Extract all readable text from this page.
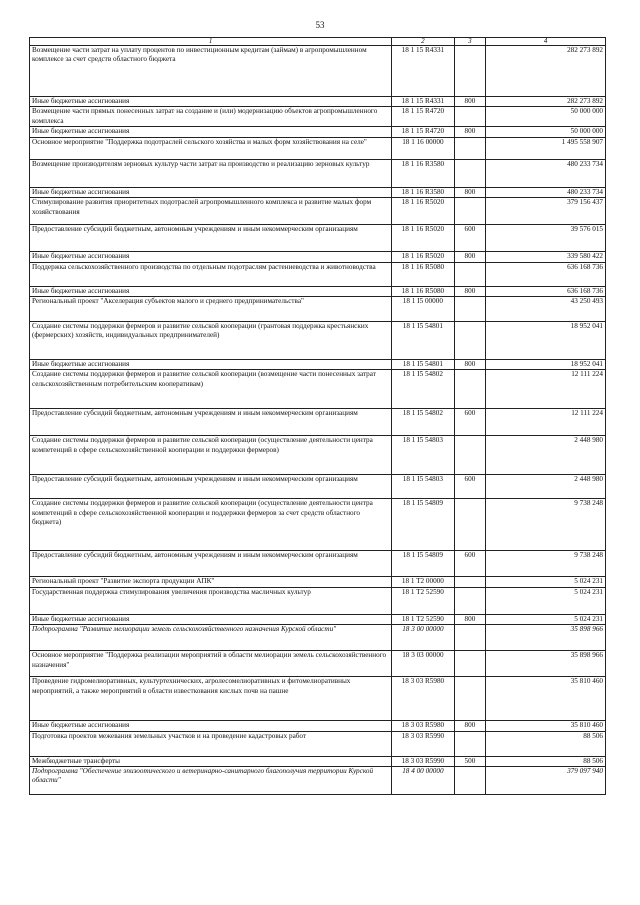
53
1	2	3	4
Возмещение части затрат на уплату процентов по инвестиционным кредитам (займам) в агропромышленном комплексе за счет средств областного бюджета	18 1 15 R4331		282 273 892
Иные бюджетные ассигнования	18 1 15 R4331	800	282 273 892
Возмещение части прямых понесенных затрат на создание и (или) модернизацию объектов агропромышленного комплекса	18 1 15 R4720		50 000 000
Иные бюджетные ассигнования	18 1 15 R4720	800	50 000 000
Основное мероприятие "Поддержка подотраслей сельского хозяйства и малых форм хозяйствования на селе"	18 1 16 00000		1 495 558 907
Возмещение производителям зерновых культур части затрат на производство и реализацию зерновых культур	18 1 16 R3580		480 233 734
Иные бюджетные ассигнования	18 1 16 R3580	800	480 233 734
Стимулирование развития приоритетных подотраслей агропромышленного комплекса и развитие малых форм хозяйствования	18 1 16 R5020		379 156 437
Предоставление субсидий бюджетным, автономным учреждениям и иным некоммерческим организациям	18 1 16 R5020	600	39 576 015
Иные бюджетные ассигнования	18 1 16 R5020	800	339 580 422
Поддержка сельскохозяйственного производства по отдельным подотраслям растениеводства и животноводства	18 1 16 R5080		636 168 736
Иные бюджетные ассигнования	18 1 16 R5080	800	636 168 736
Региональный проект "Акселерация субъектов малого и среднего предпринимательства"	18 1 I5 00000		43 250 493
Создание системы поддержки фермеров и развитие сельской кооперации (грантовая поддержка крестьянских (фермерских) хозяйств, индивидуальных предпринимателей)	18 1 I5 54801		18 952 041
Иные бюджетные ассигнования	18 1 I5 54801	800	18 952 041
Создание системы поддержки фермеров и развитие сельской кооперации (возмещение части понесенных затрат сельскохозяйственным потребительским кооперативам)	18 1 I5 54802		12 111 224
Предоставление субсидий бюджетным, автономным учреждениям и иным некоммерческим организациям	18 1 I5 54802	600	12 111 224
Создание системы поддержки фермеров и развитие сельской кооперации (осуществление деятельности центра компетенций в сфере сельскохозяйственной кооперации и поддержки фермеров)	18 1 I5 54803		2 448 980
Предоставление субсидий бюджетным, автономным учреждениям и иным некоммерческим организациям	18 1 I5 54803	600	2 448 980
Создание системы поддержки фермеров и развитие сельской кооперации (осуществление деятельности центра компетенций в сфере сельскохозяйственной кооперации и поддержки фермеров за счет средств областного бюджета)	18 1 I5 54809		9 738 248
Предоставление субсидий бюджетным, автономным учреждениям и иным некоммерческим организациям	18 1 I5 54809	600	9 738 248
Региональный проект "Развитие экспорта продукции АПК"	18 1 T2 00000		5 024 231
Государственная поддержка стимулирования увеличения производства масличных культур	18 1 T2 52590		5 024 231
Иные бюджетные ассигнования	18 1 T2 52590	800	5 024 231
Подпрограмма "Развитие мелиорации земель сельскохозяйственного назначения Курской области"	18 3 00 00000		35 898 966
Основное мероприятие "Поддержка реализации мероприятий в области мелиорации земель сельскохозяйственного назначения"	18 3 03 00000		35 898 966
Проведение гидромелиоративных, культуртехнических, агролесомелиоративных и фитомелиоративных мероприятий, а также мероприятий в области известкования кислых почв на пашне	18 3 03 R5980		35 810 460
Иные бюджетные ассигнования	18 3 03 R5980	800	35 810 460
Подготовка проектов межевания земельных участков и на проведение кадастровых работ	18 3 03 R5990		88 506
Межбюджетные трансферты	18 3 03 R5990	500	88 506
Подпрограмма "Обеспечение эпизоотического и ветеринарно-санитарного благополучия территории Курской области"	18 4 00 00000		379 097 940
